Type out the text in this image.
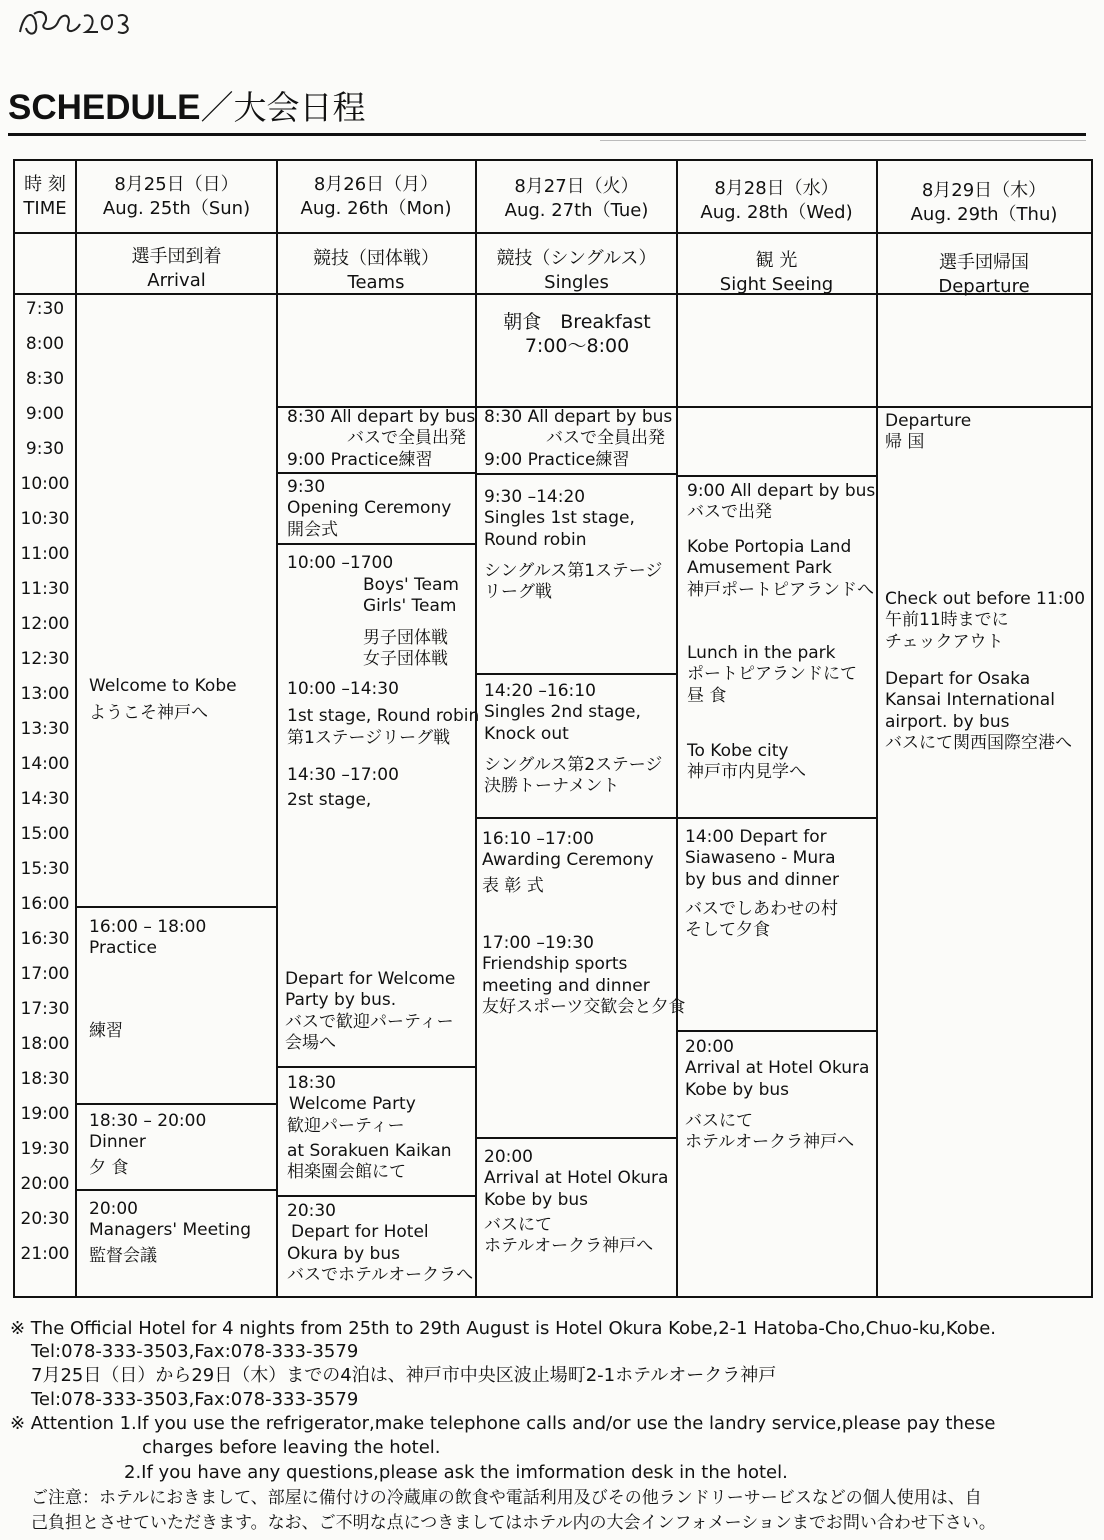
SCHEDULE／大会日程
時 刻
TIME
8月25日（日）
Aug. 25th（Sun)
8月26日（月）
Aug. 26th（Mon)
8月27日（火）
Aug. 27th（Tue)
8月28日（水）
Aug. 28th（Wed)
8月29日（木）
Aug. 29th（Thu)
選手団到着
Arrival
競技（団体戦）
Teams
競技（シングルス）
Singles
観 光
Sight Seeing
選手団帰国
Departure
7:30
8:00
8:30
9:00
9:30
10:00
10:30
11:00
11:30
12:00
12:30
13:00
13:30
14:00
14:30
15:00
15:30
16:00
16:30
17:00
17:30
18:00
18:30
19:00
19:30
20:00
20:30
21:00
朝食　Breakfast
7:00〜8:00
Welcome to Kobe
ようこそ神戸へ
16:00 – 18:00
Practice
練習
18:30 – 20:00
Dinner
夕 食
20:00
Managers' Meeting
監督会議
8:30 All depart by bus
バスで全員出発
9:00 Practice練習
9:30
Opening Ceremony
開会式
10:00 –1700
Boys' Team
Girls' Team
男子団体戦
女子団体戦
10:00 –14:30
1st stage, Round robin
第1ステージリーグ戦
14:30 –17:00
2st stage,
Depart for Welcome
Party by bus.
バスで歓迎パーティー
会場へ
18:30
Welcome Party
歓迎パーティー
at Sorakuen Kaikan
相楽園会館にて
20:30
Depart for Hotel
Okura by bus
バスでホテルオークラへ
8:30 All depart by bus
バスで全員出発
9:00 Practice練習
9:30 –14:20
Singles 1st stage,
Round robin
シングルス第1ステージ
リーグ戦
14:20 –16:10
Singles 2nd stage,
Knock out
シングルス第2ステージ
決勝トーナメント
16:10 –17:00
Awarding Ceremony
表 彰 式
17:00 –19:30
Friendship sports
meeting and dinner
友好スポーツ交歓会と夕食
20:00
Arrival at Hotel Okura
Kobe by bus
バスにて
ホテルオークラ神戸へ
9:00 All depart by bus
バスで出発
Kobe Portopia Land
Amusement Park
神戸ポートピアランドへ
Lunch in the park
ポートピアランドにて
昼 食
To Kobe city
神戸市内見学へ
14:00 Depart for
Siawaseno - Mura
by bus and dinner
バスでしあわせの村
そして夕食
20:00
Arrival at Hotel Okura
Kobe by bus
バスにて
ホテルオークラ神戸へ
Departure
帰 国
Check out before 11:00
午前11時までに
チェックアウト
Depart for Osaka
Kansai International
airport. by bus
バスにて関西国際空港へ
※ The Official Hotel for 4 nights from 25th to 29th August is Hotel Okura Kobe,2-1 Hatoba-Cho,Chuo-ku,Kobe.
Tel:078-333-3503,Fax:078-333-3579
7月25日（日）から29日（木）までの4泊は、神戸市中央区波止場町2-1ホテルオークラ神戸
Tel:078-333-3503,Fax:078-333-3579
※ Attention 1.If you use the refrigerator,make telephone calls and/or use the landry service,please pay these
charges before leaving the hotel.
2.If you have any questions,please ask the imformation desk in the hotel.
ご注意：ホテルにおきまして、部屋に備付けの冷蔵庫の飲食や電話利用及びその他ランドリーサービスなどの個人使用は、自
己負担とさせていただきます。なお、ご不明な点につきましてはホテル内の大会インフォメーションまでお問い合わせ下さい。
